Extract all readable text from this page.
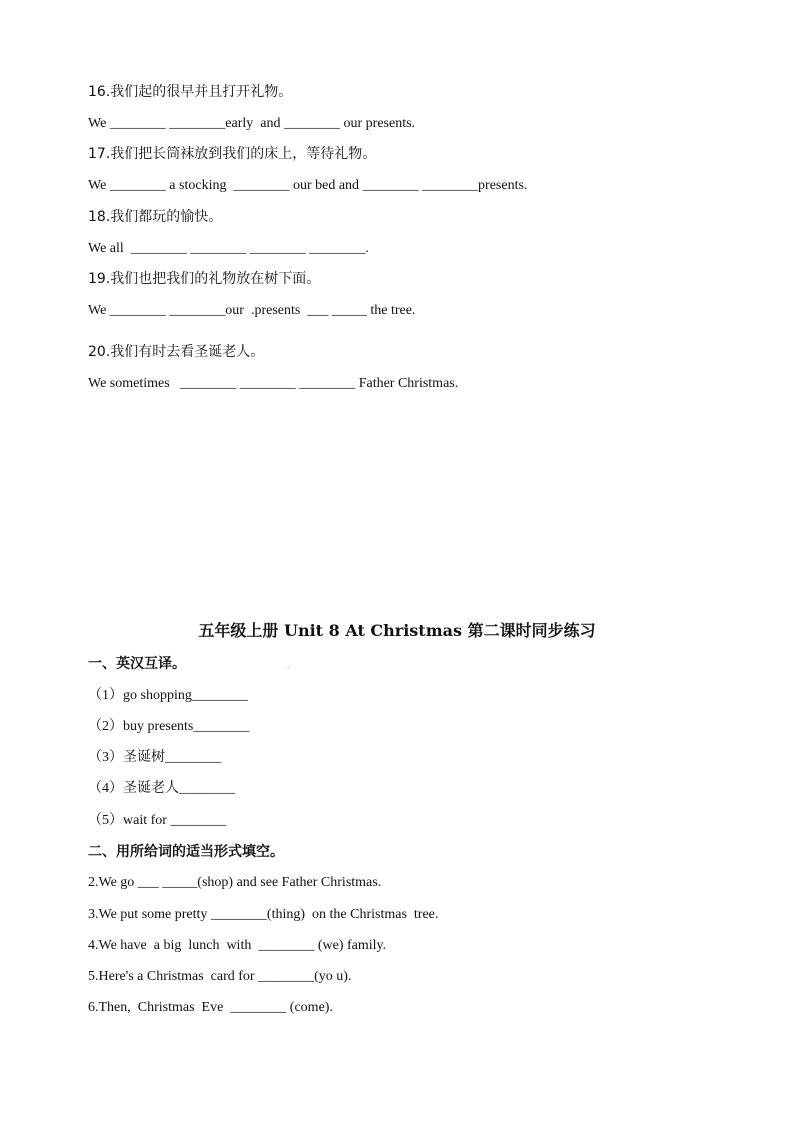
16.我们起的很早并且打开礼物。
We ________ ________early  and ________ our presents.
17.我们把长筒袜放到我们的床上，等待礼物。
We ________ a stocking  ________ our bed and ________ ________presents.
18.我们都玩的愉快。
We all  ________ ________ ________ ________.
19.我们也把我们的礼物放在树下面。
We ________ ________our  .presents  ___ _____ the tree.
20.我们有时去看圣诞老人。
We sometimes   ________ ________ ________ Father Christmas.
五年级上册 Unit 8 At Christmas 第二课时同步练习
一、英汉互译。	.
（1）go shopping________
（2）buy presents________
（3）圣诞树________
（4）圣诞老人________
（5）wait for ________
二、用所给词的适当形式填空。
2.We go ___ _____(shop) and see Father Christmas.
3.We put some pretty ________(thing)  on the Christmas  tree.
4.We have  a big  lunch  with  ________ (we) family.
5.Here's a Christmas  card for ________(yo u).
6.Then,  Christmas  Eve  ________ (come).
